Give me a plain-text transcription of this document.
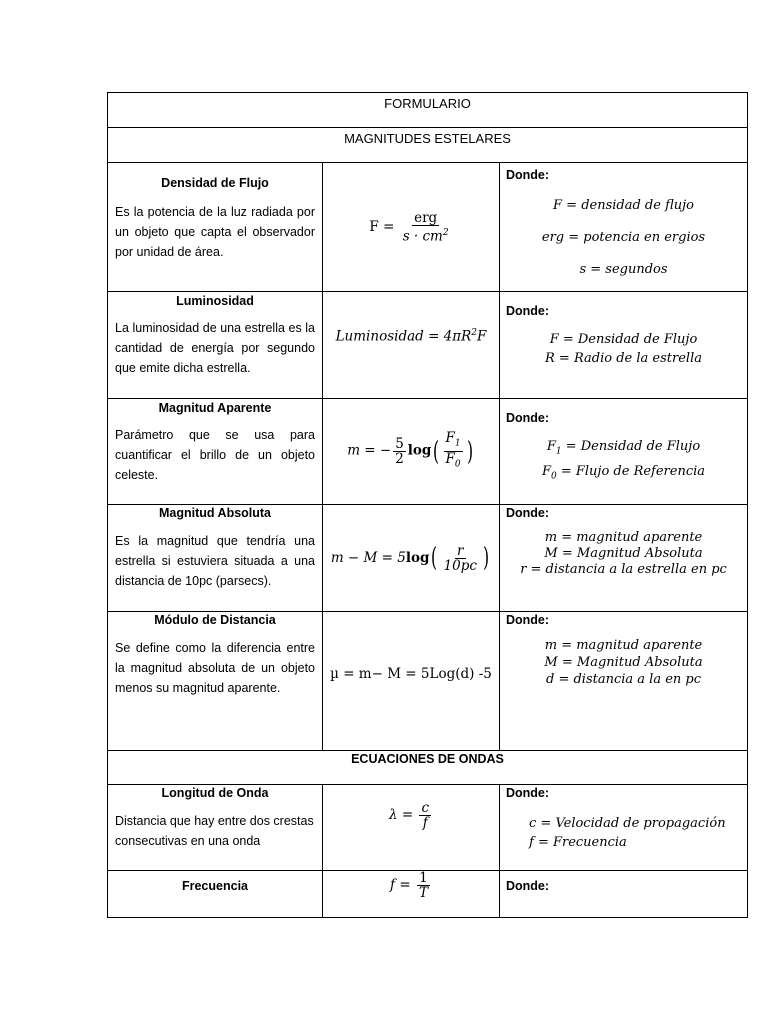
FORMULARIO
MAGNITUDES ESTELARES
Densidad de Flujo
Es la potencia de la luz radiada por un objeto que capta el observador por unidad de área.
$F = \frac{\text{erg}}{s \cdot cm^2}$
Donde:
F = densidad de flujo
erg = potencia en ergios
s = segundos
Luminosidad
La luminosidad de una estrella es la cantidad de energía por segundo que emite dicha estrella.
Luminosidad = $4\pi R^2F$
Donde:
F = Densidad de Flujo
R = Radio de la estrella
Magnitud Aparente
Parámetro que se usa para cuantificar el brillo de un objeto celeste.
m = − $\frac{5}{2} \log( \frac{F_1}{F_0}$ )
Donde:
$F_1$ = Densidad de Flujo
$F_0$ = Flujo de Referencia
Magnitud Absoluta
Es la magnitud que tendría una estrella si estuviera situada a una distancia de 10pc (parsecs).
$m - M = 5\log( \frac{r}{10pc}$ )
Donde:
m = magnitud aparente
M = Magnitud Absoluta
r = distancia a la estrella en pc
Módulo de Distancia
Se define como la diferencia entre la magnitud absoluta de un objeto menos su magnitud aparente.
µ = m− M = 5Log(d) -5
Donde:
m = magnitud aparente
M = Magnitud Absoluta
d = distancia a la en pc
ECUACIONES DE ONDAS
Longitud de Onda
Distancia que hay entre dos crestas consecutivas en una onda
$\lambda = \frac{c}{f}$
Donde:
c = Velocidad de propagación
f = Frecuencia
Frecuencia	$f = \frac{1}{T}$	Donde:
